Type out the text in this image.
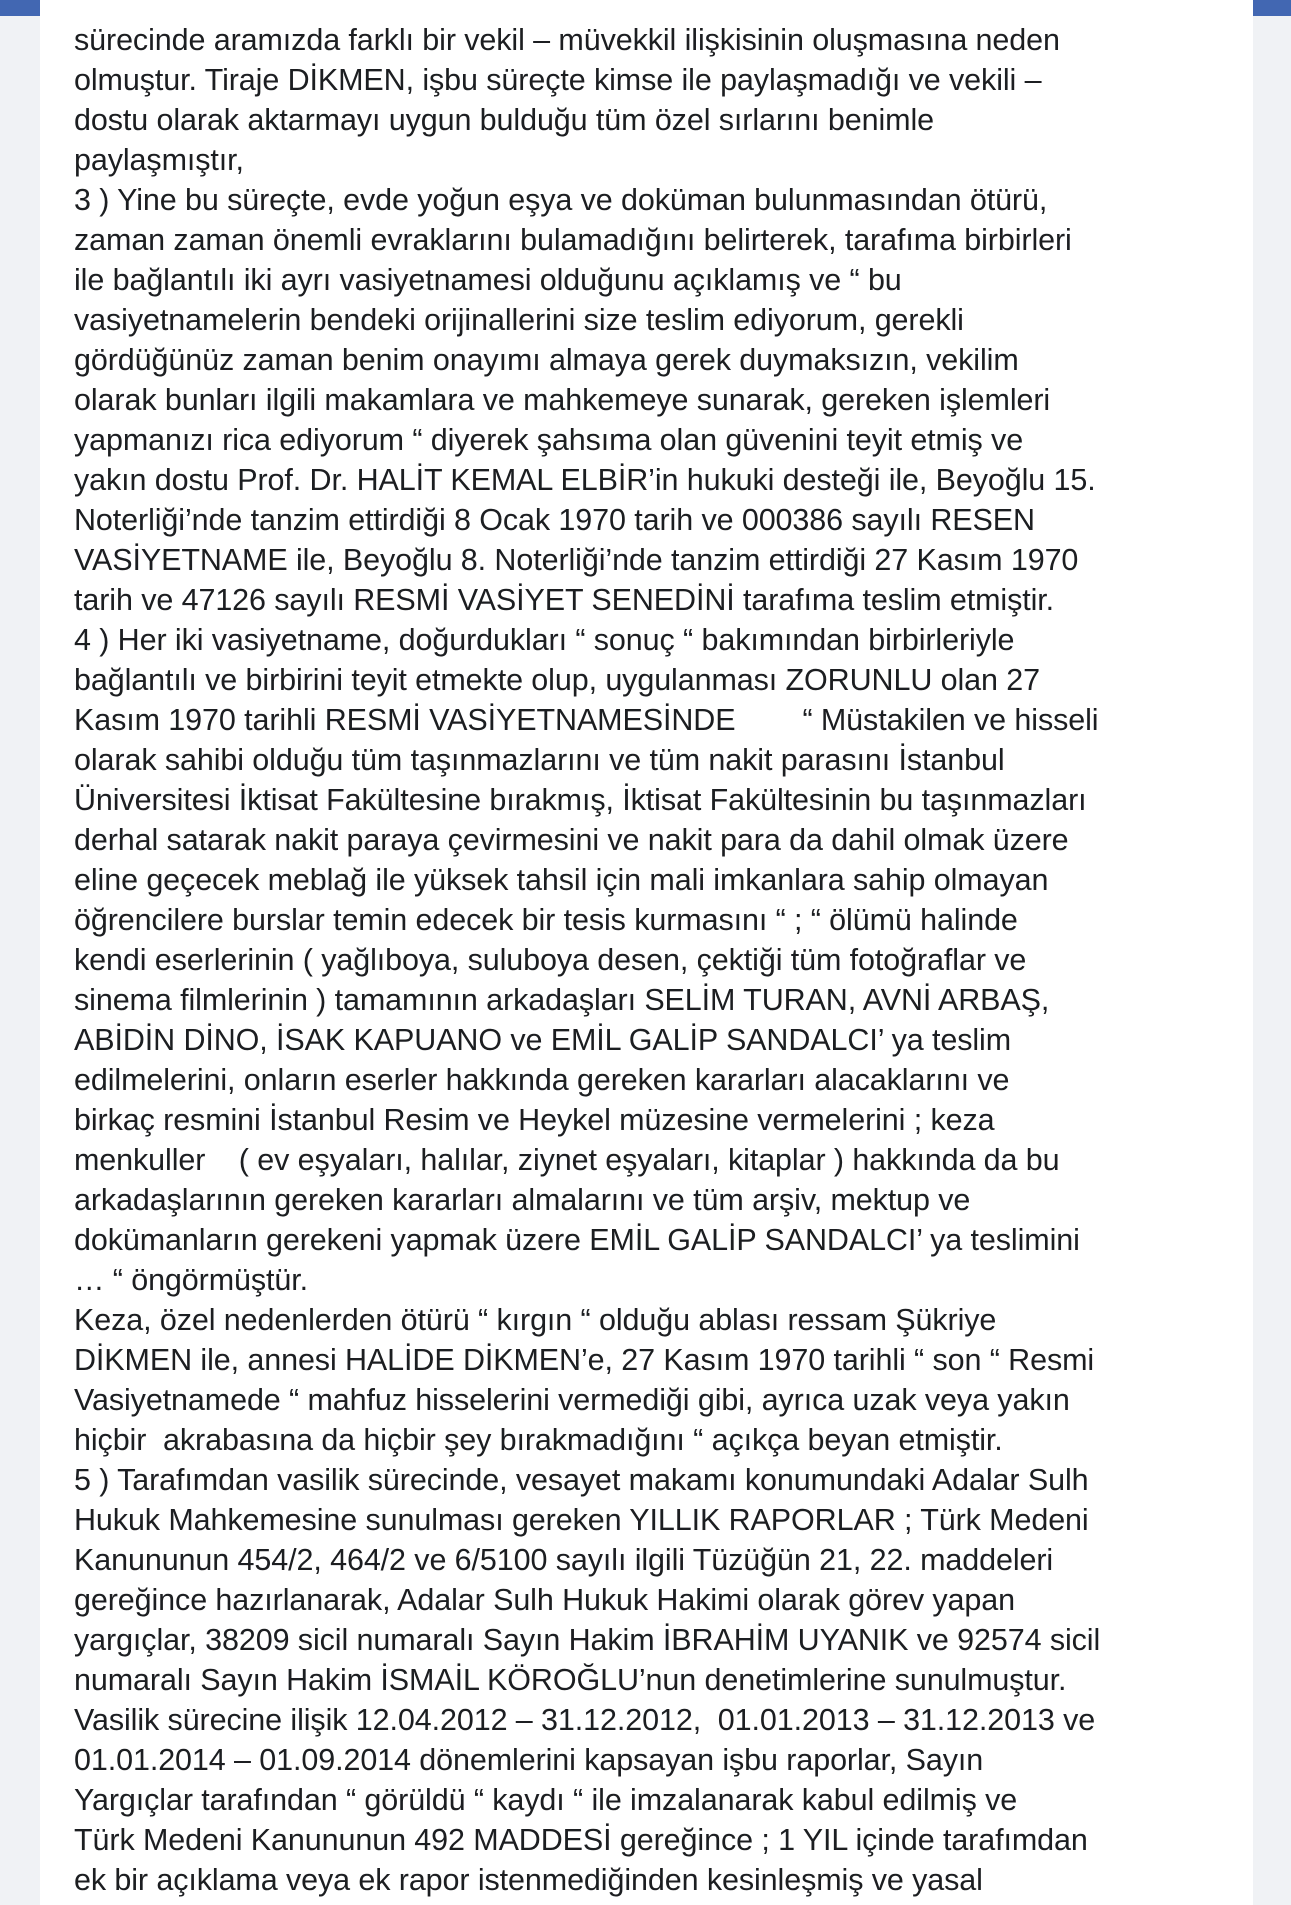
sürecinde aramızda farklı bir vekil – müvekkil ilişkisinin oluşmasına neden
olmuştur. Tiraje DİKMEN, işbu süreçte kimse ile paylaşmadığı ve vekili –
dostu olarak aktarmayı uygun bulduğu tüm özel sırlarını benimle
paylaşmıştır,
3 ) Yine bu süreçte, evde yoğun eşya ve doküman bulunmasından ötürü,
zaman zaman önemli evraklarını bulamadığını belirterek, tarafıma birbirleri
ile bağlantılı iki ayrı vasiyetnamesi olduğunu açıklamış ve “ bu
vasiyetnamelerin bendeki orijinallerini size teslim ediyorum, gerekli
gördüğünüz zaman benim onayımı almaya gerek duymaksızın, vekilim
olarak bunları ilgili makamlara ve mahkemeye sunarak, gereken işlemleri
yapmanızı rica ediyorum “ diyerek şahsıma olan güvenini teyit etmiş ve
yakın dostu Prof. Dr. HALİT KEMAL ELBİR’in hukuki desteği ile, Beyoğlu 15.
Noterliği’nde tanzim ettirdiği 8 Ocak 1970 tarih ve 000386 sayılı RESEN
VASİYETNAME ile, Beyoğlu 8. Noterliği’nde tanzim ettirdiği 27 Kasım 1970
tarih ve 47126 sayılı RESMİ VASİYET SENEDİNİ tarafıma teslim etmiştir.
4 ) Her iki vasiyetname, doğurdukları “ sonuç “ bakımından birbirleriyle
bağlantılı ve birbirini teyit etmekte olup, uygulanması ZORUNLU olan 27
Kasım 1970 tarihli RESMİ VASİYETNAMESİNDE        “ Müstakilen ve hisseli
olarak sahibi olduğu tüm taşınmazlarını ve tüm nakit parasını İstanbul
Üniversitesi İktisat Fakültesine bırakmış, İktisat Fakültesinin bu taşınmazları
derhal satarak nakit paraya çevirmesini ve nakit para da dahil olmak üzere
eline geçecek meblağ ile yüksek tahsil için mali imkanlara sahip olmayan
öğrencilere burslar temin edecek bir tesis kurmasını “ ; “ ölümü halinde
kendi eserlerinin ( yağlıboya, suluboya desen, çektiği tüm fotoğraflar ve
sinema filmlerinin ) tamamının arkadaşları SELİM TURAN, AVNİ ARBAŞ,
ABİDİN DİNO, İSAK KAPUANO ve EMİL GALİP SANDALCI’ ya teslim
edilmelerini, onların eserler hakkında gereken kararları alacaklarını ve
birkaç resmini İstanbul Resim ve Heykel müzesine vermelerini ; keza
menkuller    ( ev eşyaları, halılar, ziynet eşyaları, kitaplar ) hakkında da bu
arkadaşlarının gereken kararları almalarını ve tüm arşiv, mektup ve
dokümanların gerekeni yapmak üzere EMİL GALİP SANDALCI’ ya teslimini
… “ öngörmüştür.
Keza, özel nedenlerden ötürü “ kırgın “ olduğu ablası ressam Şükriye
DİKMEN ile, annesi HALİDE DİKMEN’e, 27 Kasım 1970 tarihli “ son “ Resmi
Vasiyetnamede “ mahfuz hisselerini vermediği gibi, ayrıca uzak veya yakın
hiçbir  akrabasına da hiçbir şey bırakmadığını “ açıkça beyan etmiştir.
5 ) Tarafımdan vasilik sürecinde, vesayet makamı konumundaki Adalar Sulh
Hukuk Mahkemesine sunulması gereken YILLIK RAPORLAR ; Türk Medeni
Kanununun 454/2, 464/2 ve 6/5100 sayılı ilgili Tüzüğün 21, 22. maddeleri
gereğince hazırlanarak, Adalar Sulh Hukuk Hakimi olarak görev yapan
yargıçlar, 38209 sicil numaralı Sayın Hakim İBRAHİM UYANIK ve 92574 sicil
numaralı Sayın Hakim İSMAİL KÖROĞLU’nun denetimlerine sunulmuştur.
Vasilik sürecine ilişik 12.04.2012 – 31.12.2012,  01.01.2013 – 31.12.2013 ve
01.01.2014 – 01.09.2014 dönemlerini kapsayan işbu raporlar, Sayın
Yargıçlar tarafından “ görüldü “ kaydı “ ile imzalanarak kabul edilmiş ve
Türk Medeni Kanununun 492 MADDESİ gereğince ; 1 YIL içinde tarafımdan
ek bir açıklama veya ek rapor istenmediğinden kesinleşmiş ve yasal
